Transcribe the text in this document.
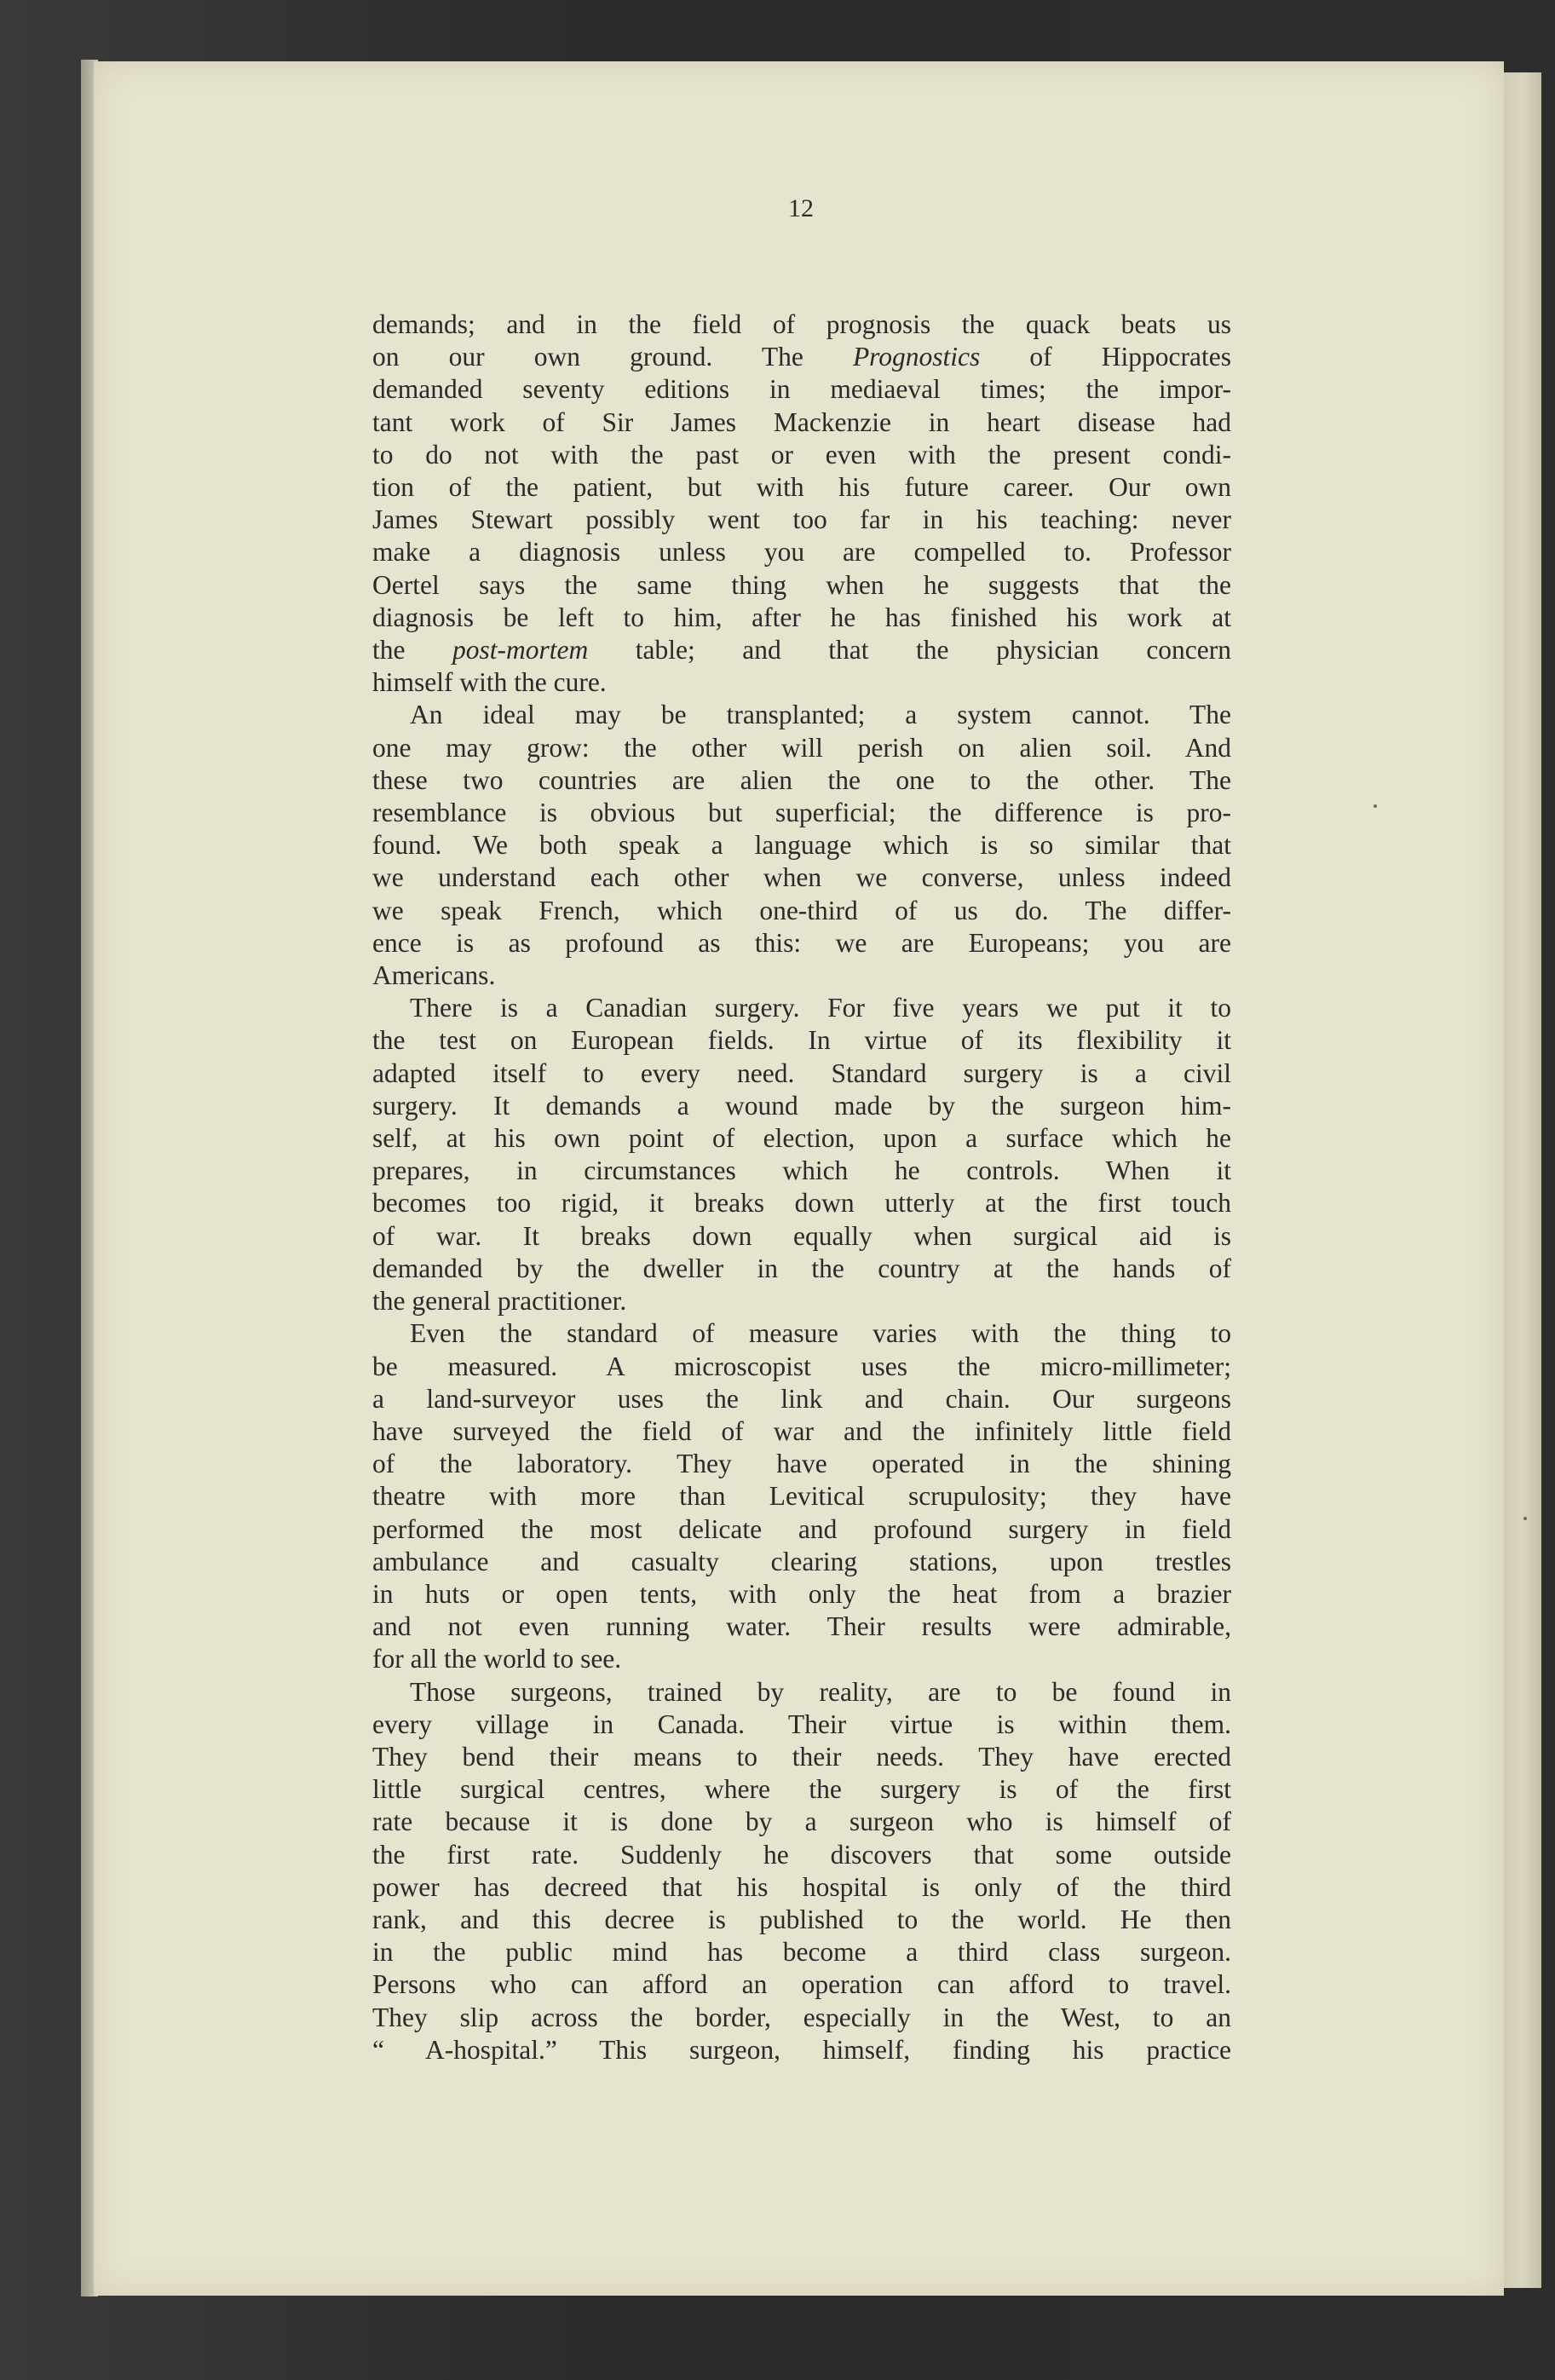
12
demands; and in the field of prognosis the quack beats us
on our own ground. The Prognostics of Hippocrates
demanded seventy editions in mediaeval times; the impor-
tant work of Sir James Mackenzie in heart disease had
to do not with the past or even with the present condi-
tion of the patient, but with his future career. Our own
James Stewart possibly went too far in his teaching: never
make a diagnosis unless you are compelled to. Professor
Oertel says the same thing when he suggests that the
diagnosis be left to him, after he has finished his work at
the post-mortem table; and that the physician concern
himself with the cure.
An ideal may be transplanted; a system cannot. The
one may grow: the other will perish on alien soil. And
these two countries are alien the one to the other. The
resemblance is obvious but superficial; the difference is pro-
found. We both speak a language which is so similar that
we understand each other when we converse, unless indeed
we speak French, which one-third of us do. The differ-
ence is as profound as this: we are Europeans; you are
Americans.
There is a Canadian surgery. For five years we put it to
the test on European fields. In virtue of its flexibility it
adapted itself to every need. Standard surgery is a civil
surgery. It demands a wound made by the surgeon him-
self, at his own point of election, upon a surface which he
prepares, in circumstances which he controls. When it
becomes too rigid, it breaks down utterly at the first touch
of war. It breaks down equally when surgical aid is
demanded by the dweller in the country at the hands of
the general practitioner.
Even the standard of measure varies with the thing to
be measured. A microscopist uses the micro-millimeter;
a land-surveyor uses the link and chain. Our surgeons
have surveyed the field of war and the infinitely little field
of the laboratory. They have operated in the shining
theatre with more than Levitical scrupulosity; they have
performed the most delicate and profound surgery in field
ambulance and casualty clearing stations, upon trestles
in huts or open tents, with only the heat from a brazier
and not even running water. Their results were admirable,
for all the world to see.
Those surgeons, trained by reality, are to be found in
every village in Canada. Their virtue is within them.
They bend their means to their needs. They have erected
little surgical centres, where the surgery is of the first
rate because it is done by a surgeon who is himself of
the first rate. Suddenly he discovers that some outside
power has decreed that his hospital is only of the third
rank, and this decree is published to the world. He then
in the public mind has become a third class surgeon.
Persons who can afford an operation can afford to travel.
They slip across the border, especially in the West, to an
“ A-hospital.” This surgeon, himself, finding his practice
